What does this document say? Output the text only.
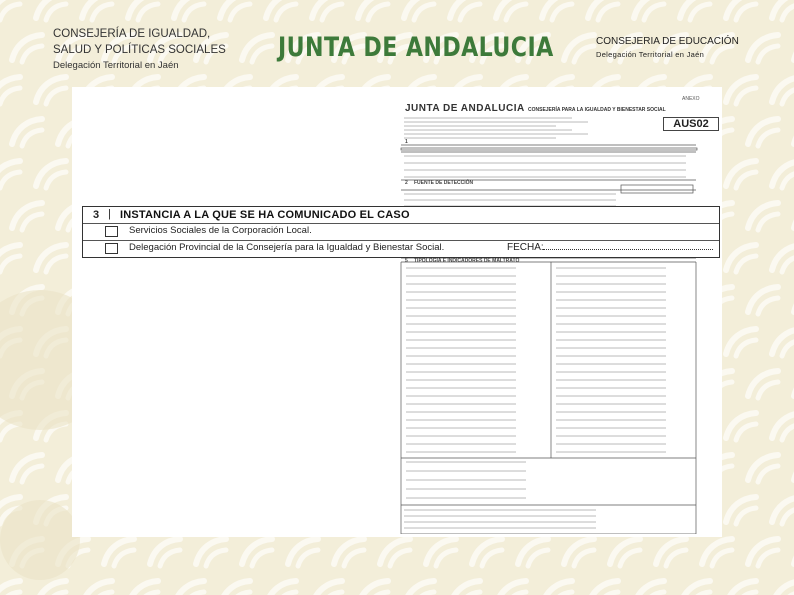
CONSEJERÍA DE IGUALDAD,
SALUD Y POLÍTICAS SOCIALES
Delegación Territorial en Jaén
JUNTA DE ANDALUCIA	CONSEJERIA DE EDUCACIÓN
Delegación Territorial en Jaén
ANEXO
JUNTA DE ANDALUCIA CONSEJERÍA PARA LA IGUALDAD Y BIENESTAR SOCIAL
AUS02
1
2 FUENTE DE DETECCIÓN
5 TIPOLOGÍA E INDICADORES DE MALTRATO
3 | INSTANCIA A LA QUE SE HA COMUNICADO EL CASO
Servicios Sociales de la Corporación Local.
Delegación Provincial de la Consejería para la Igualdad y Bienestar Social.	FECHA:
